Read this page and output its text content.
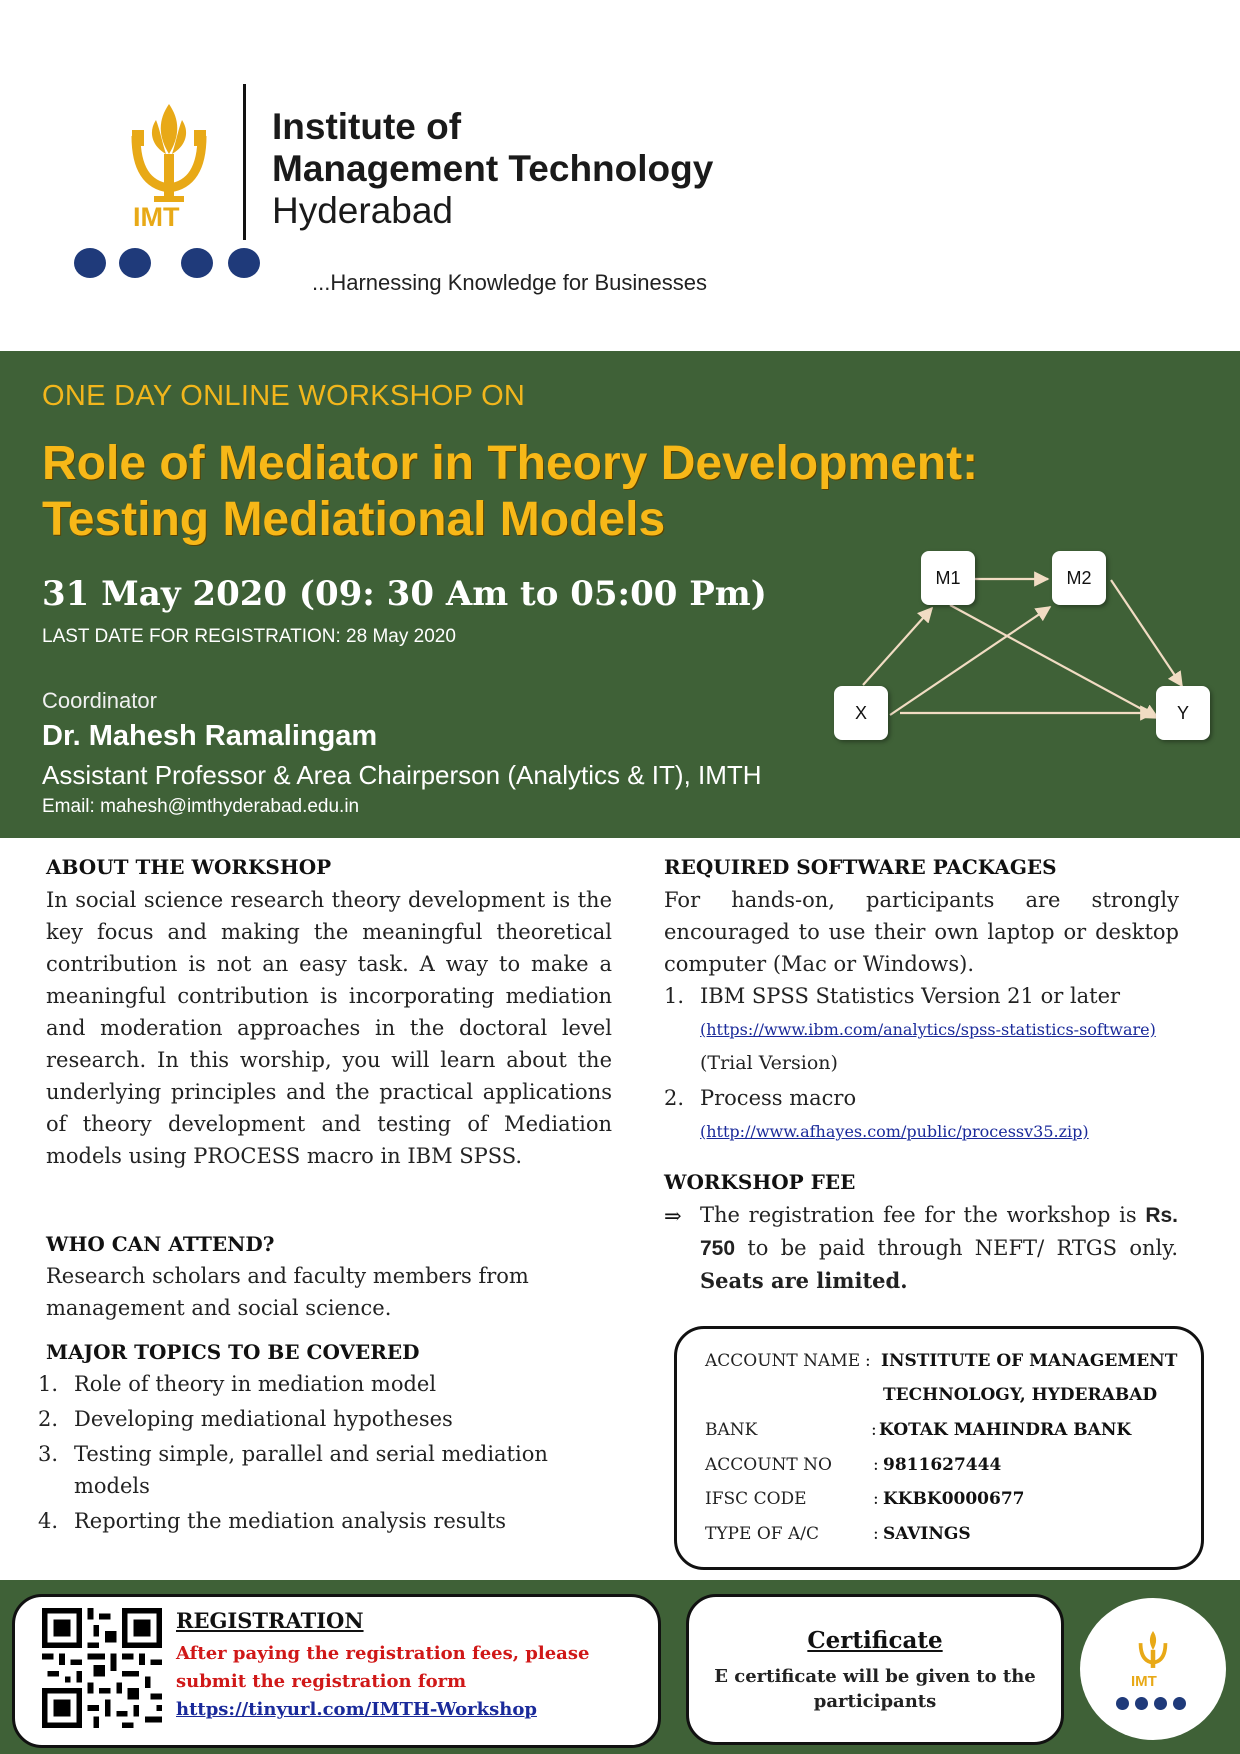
IMT
Institute of
Management Technology
Hyderabad
...Harnessing Knowledge for Businesses
ONE DAY ONLINE WORKSHOP ON
Role of Mediator in Theory Development:
Testing Mediational Models
31 May 2020 (09: 30 Am to 05:00 Pm)
LAST DATE FOR REGISTRATION: 28 May 2020
Coordinator
Dr. Mahesh Ramalingam
Assistant Professor & Area Chairperson (Analytics & IT), IMTH
Email: mahesh@imthyderabad.edu.in
M1	M2
X	Y
ABOUT THE WORKSHOP
In social science research theory development is the key focus and making the meaningful theoretical contribution is not an easy task. A way to make a meaningful contribution is incorporating mediation and moderation approaches in the doctoral level research. In this worship, you will learn about the underlying principles and the practical applications of theory development and testing of Mediation models using PROCESS macro in IBM SPSS.
WHO CAN ATTEND?
Research scholars and faculty members from management and social science.
MAJOR TOPICS TO BE COVERED
1. Role of theory in mediation model
2. Developing mediational hypotheses
3. Testing simple, parallel and serial mediation models
4. Reporting the mediation analysis results
REQUIRED SOFTWARE PACKAGES
For hands-on, participants are strongly encouraged to use their own laptop or desktop computer (Mac or Windows).
1. IBM SPSS Statistics Version 21 or later
(https://www.ibm.com/analytics/spss-statistics-software) (Trial Version)
2. Process macro
(http://www.afhayes.com/public/processv35.zip)
WORKSHOP FEE
⇒ The registration fee for the workshop is Rs. 750 to be paid through NEFT/ RTGS only. Seats are limited.
ACCOUNT NAME : INSTITUTE OF MANAGEMENT
TECHNOLOGY, HYDERABAD
BANK	: KOTAK MAHINDRA BANK
ACCOUNT NO : 9811627444
IFSC CODE	: KKBK0000677
TYPE OF A/C	: SAVINGS
REGISTRATION
After paying the registration fees, please submit the registration form
https://tinyurl.com/IMTH-Workshop
Certificate
E certificate will be given to the participants
IMT
